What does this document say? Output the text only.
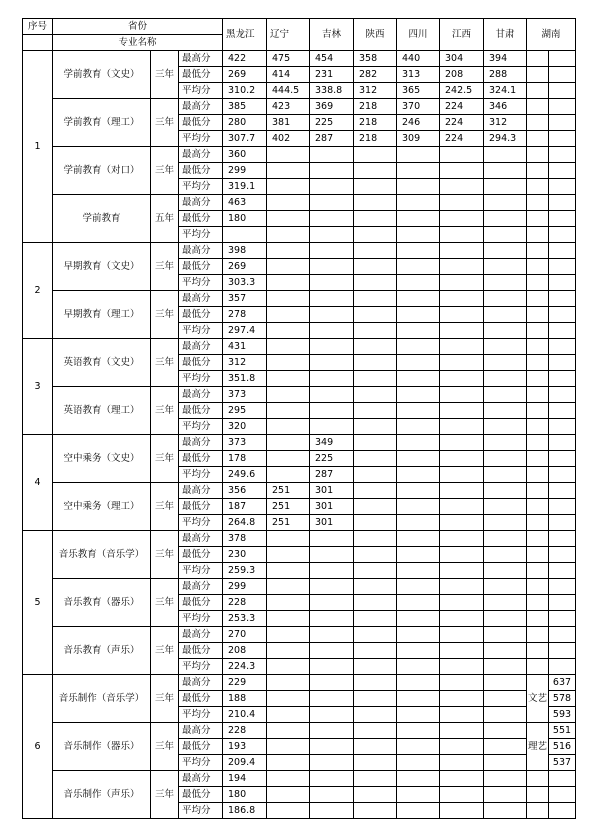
序号	省份			黑龙江	辽宁	吉林	陕西	四川	江西	甘肃	湖南	
	专业名称											
1	学前教育（文史）	三年	最高分	422	475	454	358	440	304	394		
			最低分	269	414	231	282	313	208	288		
			平均分	310.2	444.5	338.8	312	365	242.5	324.1		
	学前教育（理工）	三年	最高分	385	423	369	218	370	224	346		
			最低分	280	381	225	218	246	224	312		
			平均分	307.7	402	287	218	309	224	294.3		
	学前教育（对口）	三年	最高分	360								
			最低分	299								
			平均分	319.1								
	学前教育	五年	最高分	463								
			最低分	180								
			平均分									
2	早期教育（文史）	三年	最高分	398								
			最低分	269								
			平均分	303.3								
	早期教育（理工）	三年	最高分	357								
			最低分	278								
			平均分	297.4								
3	英语教育（文史）	三年	最高分	431								
			最低分	312								
			平均分	351.8								
	英语教育（理工）	三年	最高分	373								
			最低分	295								
			平均分	320								
4	空中乘务（文史）	三年	最高分	373		349						
			最低分	178		225						
			平均分	249.6		287						
	空中乘务（理工）	三年	最高分	356	251	301						
			最低分	187	251	301						
			平均分	264.8	251	301						
5	音乐教育（音乐学）	三年	最高分	378								
			最低分	230								
			平均分	259.3								
	音乐教育（器乐）	三年	最高分	299								
			最低分	228								
			平均分	253.3								
	音乐教育（声乐）	三年	最高分	270								
			最低分	208								
			平均分	224.3								
6	音乐制作（音乐学）	三年	最高分	229							文艺	637
			最低分	188								578
			平均分	210.4								593
	音乐制作（器乐）	三年	最高分	228							理艺	551
			最低分	193								516
			平均分	209.4								537
	音乐制作（声乐）	三年	最高分	194								
			最低分	180								
			平均分	186.8								
